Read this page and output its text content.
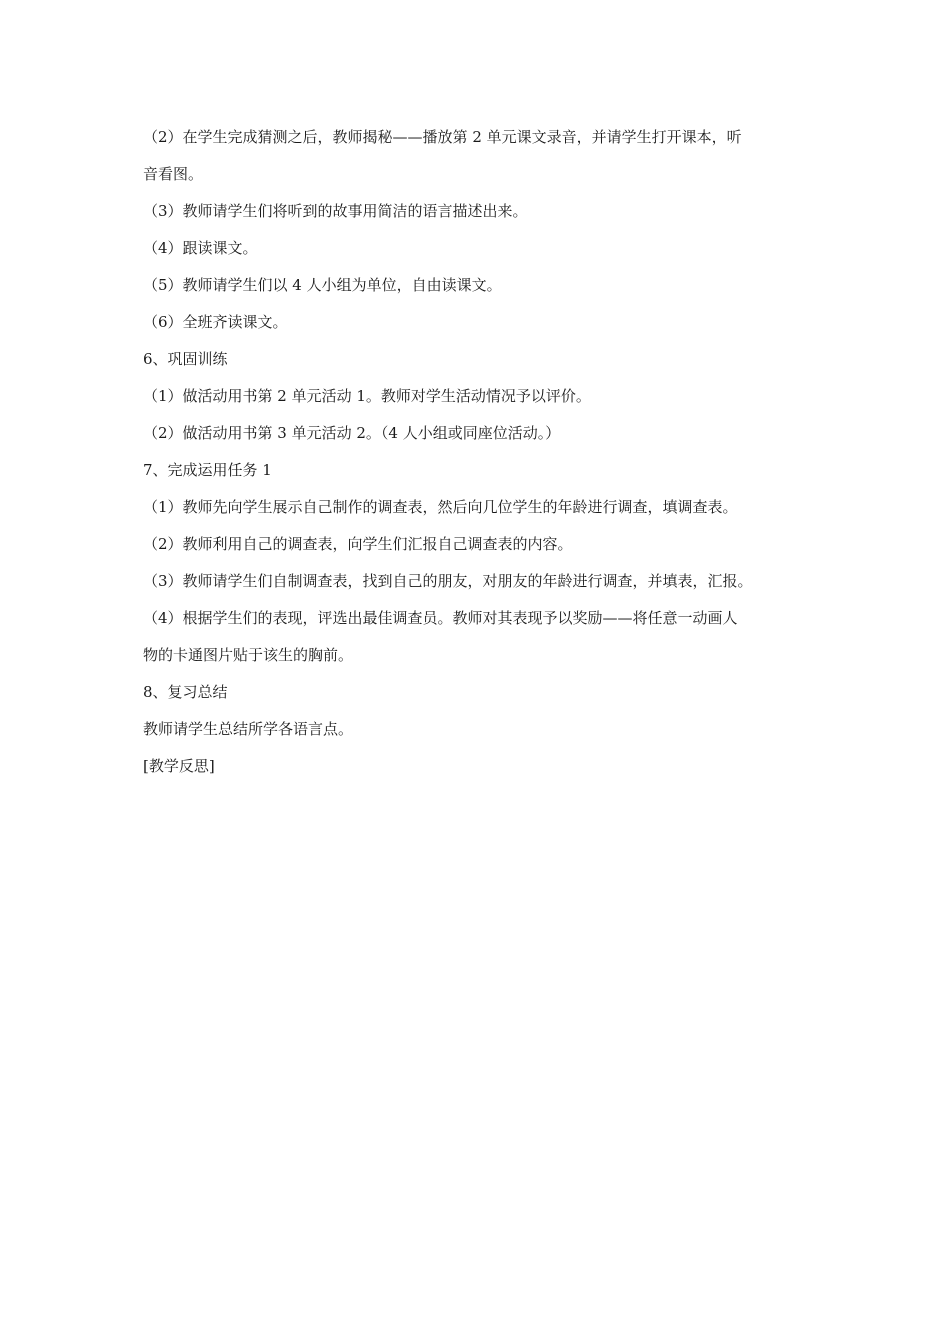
（2）在学生完成猜测之后，教师揭秘——播放第 2 单元课文录音，并请学生打开课本，听

音看图。

（3）教师请学生们将听到的故事用简洁的语言描述出来。

（4）跟读课文。

（5）教师请学生们以 4 人小组为单位，自由读课文。

（6）全班齐读课文。

6、巩固训练

（1）做活动用书第 2 单元活动 1。教师对学生活动情况予以评价。

（2）做活动用书第 3 单元活动 2。（4 人小组或同座位活动。）

7、完成运用任务 1

（1）教师先向学生展示自己制作的调查表，然后向几位学生的年龄进行调查，填调查表。

（2）教师利用自己的调查表，向学生们汇报自己调查表的内容。

（3）教师请学生们自制调查表，找到自己的朋友，对朋友的年龄进行调查，并填表，汇报。

（4）根据学生们的表现，评选出最佳调查员。教师对其表现予以奖励——将任意一动画人

物的卡通图片贴于该生的胸前。

8、复习总结

教师请学生总结所学各语言点。

[教学反思]
